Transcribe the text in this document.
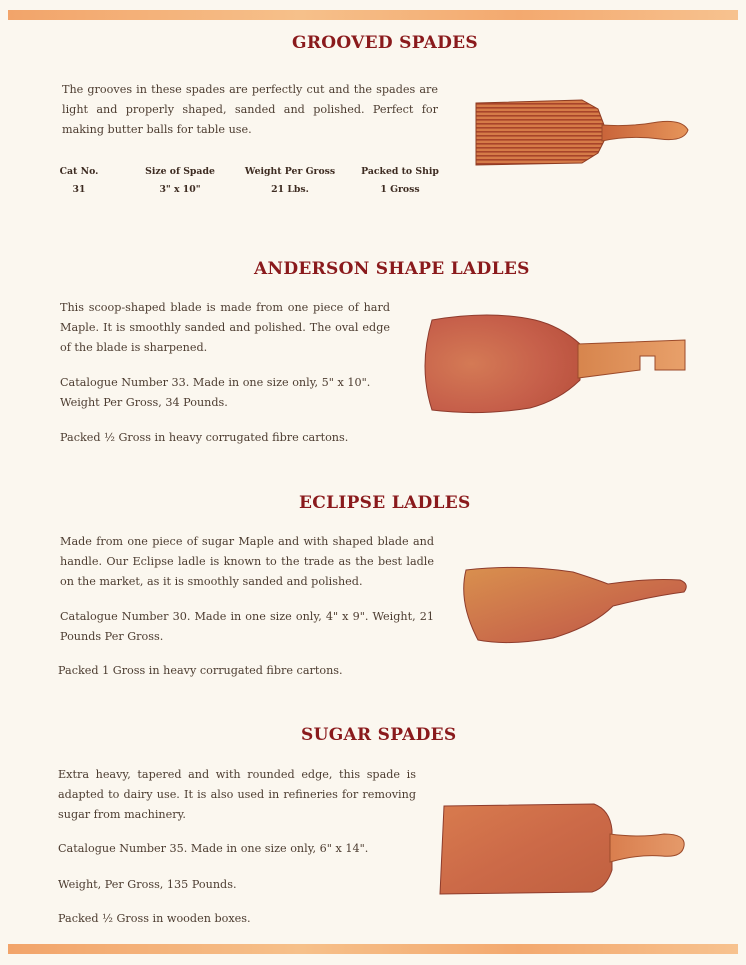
GROOVED SPADES
The grooves in these spades are perfectly cut and the spades are light and properly shaped, sanded and polished. Perfect for making butter balls for table use.
Cat No.
31
Size of Spade
3" x 10"
Weight Per Gross
21 Lbs.
Packed to Ship
1 Gross
ANDERSON SHAPE LADLES
This scoop-shaped blade is made from one piece of hard Maple. It is smoothly sanded and polished. The oval edge of the blade is sharpened.
Catalogue Number 33. Made in one size only, 5" x 10". Weight Per Gross, 34 Pounds.
Packed ½ Gross in heavy corrugated fibre cartons.
ECLIPSE LADLES
Made from one piece of sugar Maple and with shaped blade and handle. Our Eclipse ladle is known to the trade as the best ladle on the market, as it is smoothly sanded and polished.
Catalogue Number 30. Made in one size only, 4" x 9". Weight, 21 Pounds Per Gross.
Packed 1 Gross in heavy corrugated fibre cartons.
SUGAR SPADES
Extra heavy, tapered and with rounded edge, this spade is adapted to dairy use. It is also used in refineries for removing sugar from machinery.
Catalogue Number 35. Made in one size only, 6" x 14".
Weight, Per Gross, 135 Pounds.
Packed ½ Gross in wooden boxes.
